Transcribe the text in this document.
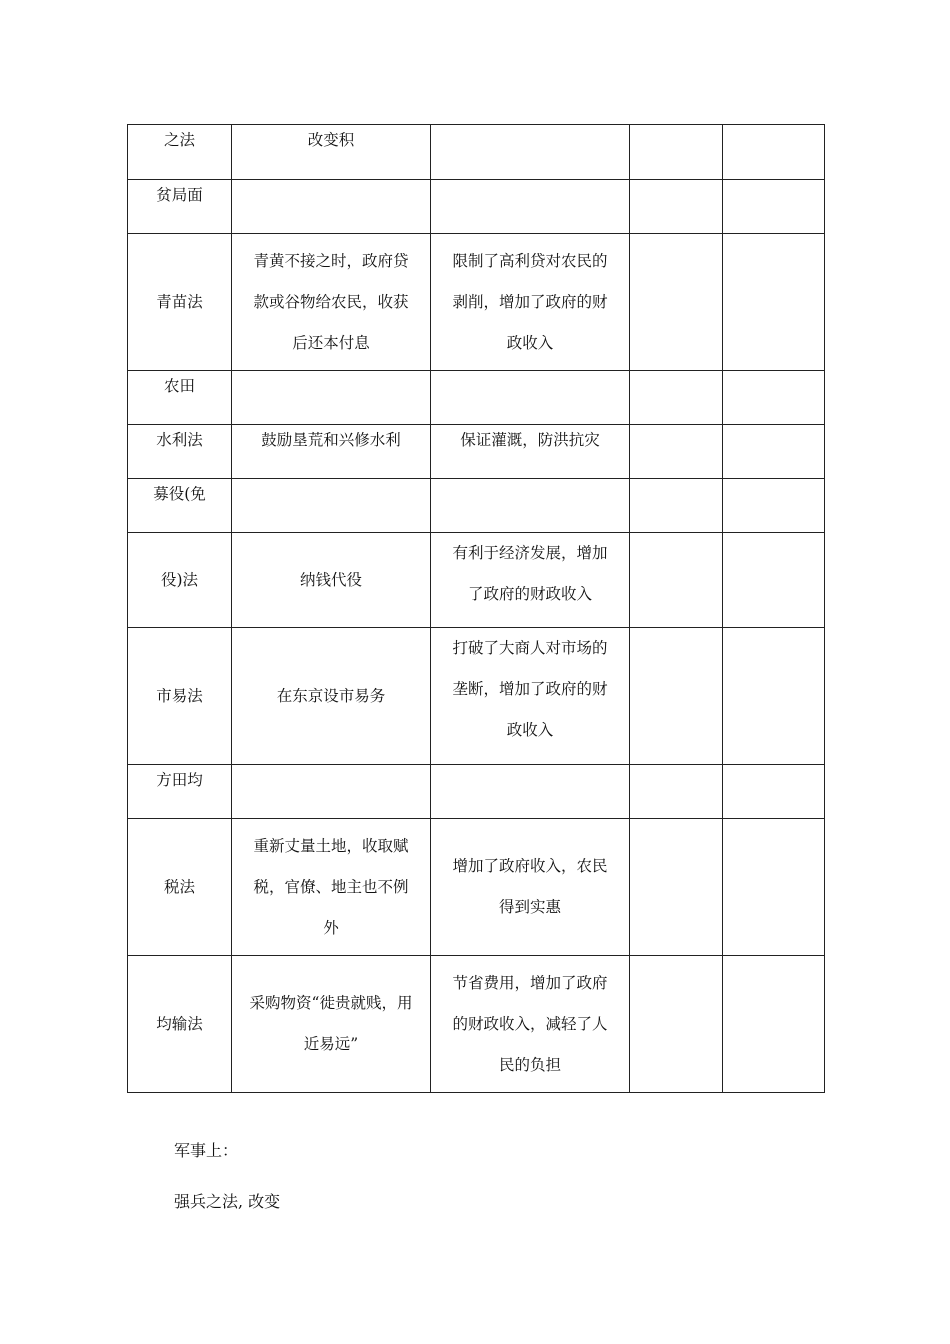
之法	改变积			
贫局面				
青苗法	青黄不接之时，政府贷款或谷物给农民，收获后还本付息	限制了高利贷对农民的剥削，增加了政府的财政收入		
农田				
水利法	鼓励垦荒和兴修水利	保证灌溉，防洪抗灾		
募役(免				
役)法	纳钱代役	有利于经济发展，增加了政府的财政收入		
市易法	在东京设市易务	打破了大商人对市场的垄断，增加了政府的财政收入		
方田均				
税法	重新丈量土地，收取赋税，官僚、地主也不例外	增加了政府收入，农民得到实惠		
均输法	采购物资“徙贵就贱，用近易远”	节省费用，增加了政府的财政收入，减轻了人民的负担		
军事上：
强兵之法, 改变
